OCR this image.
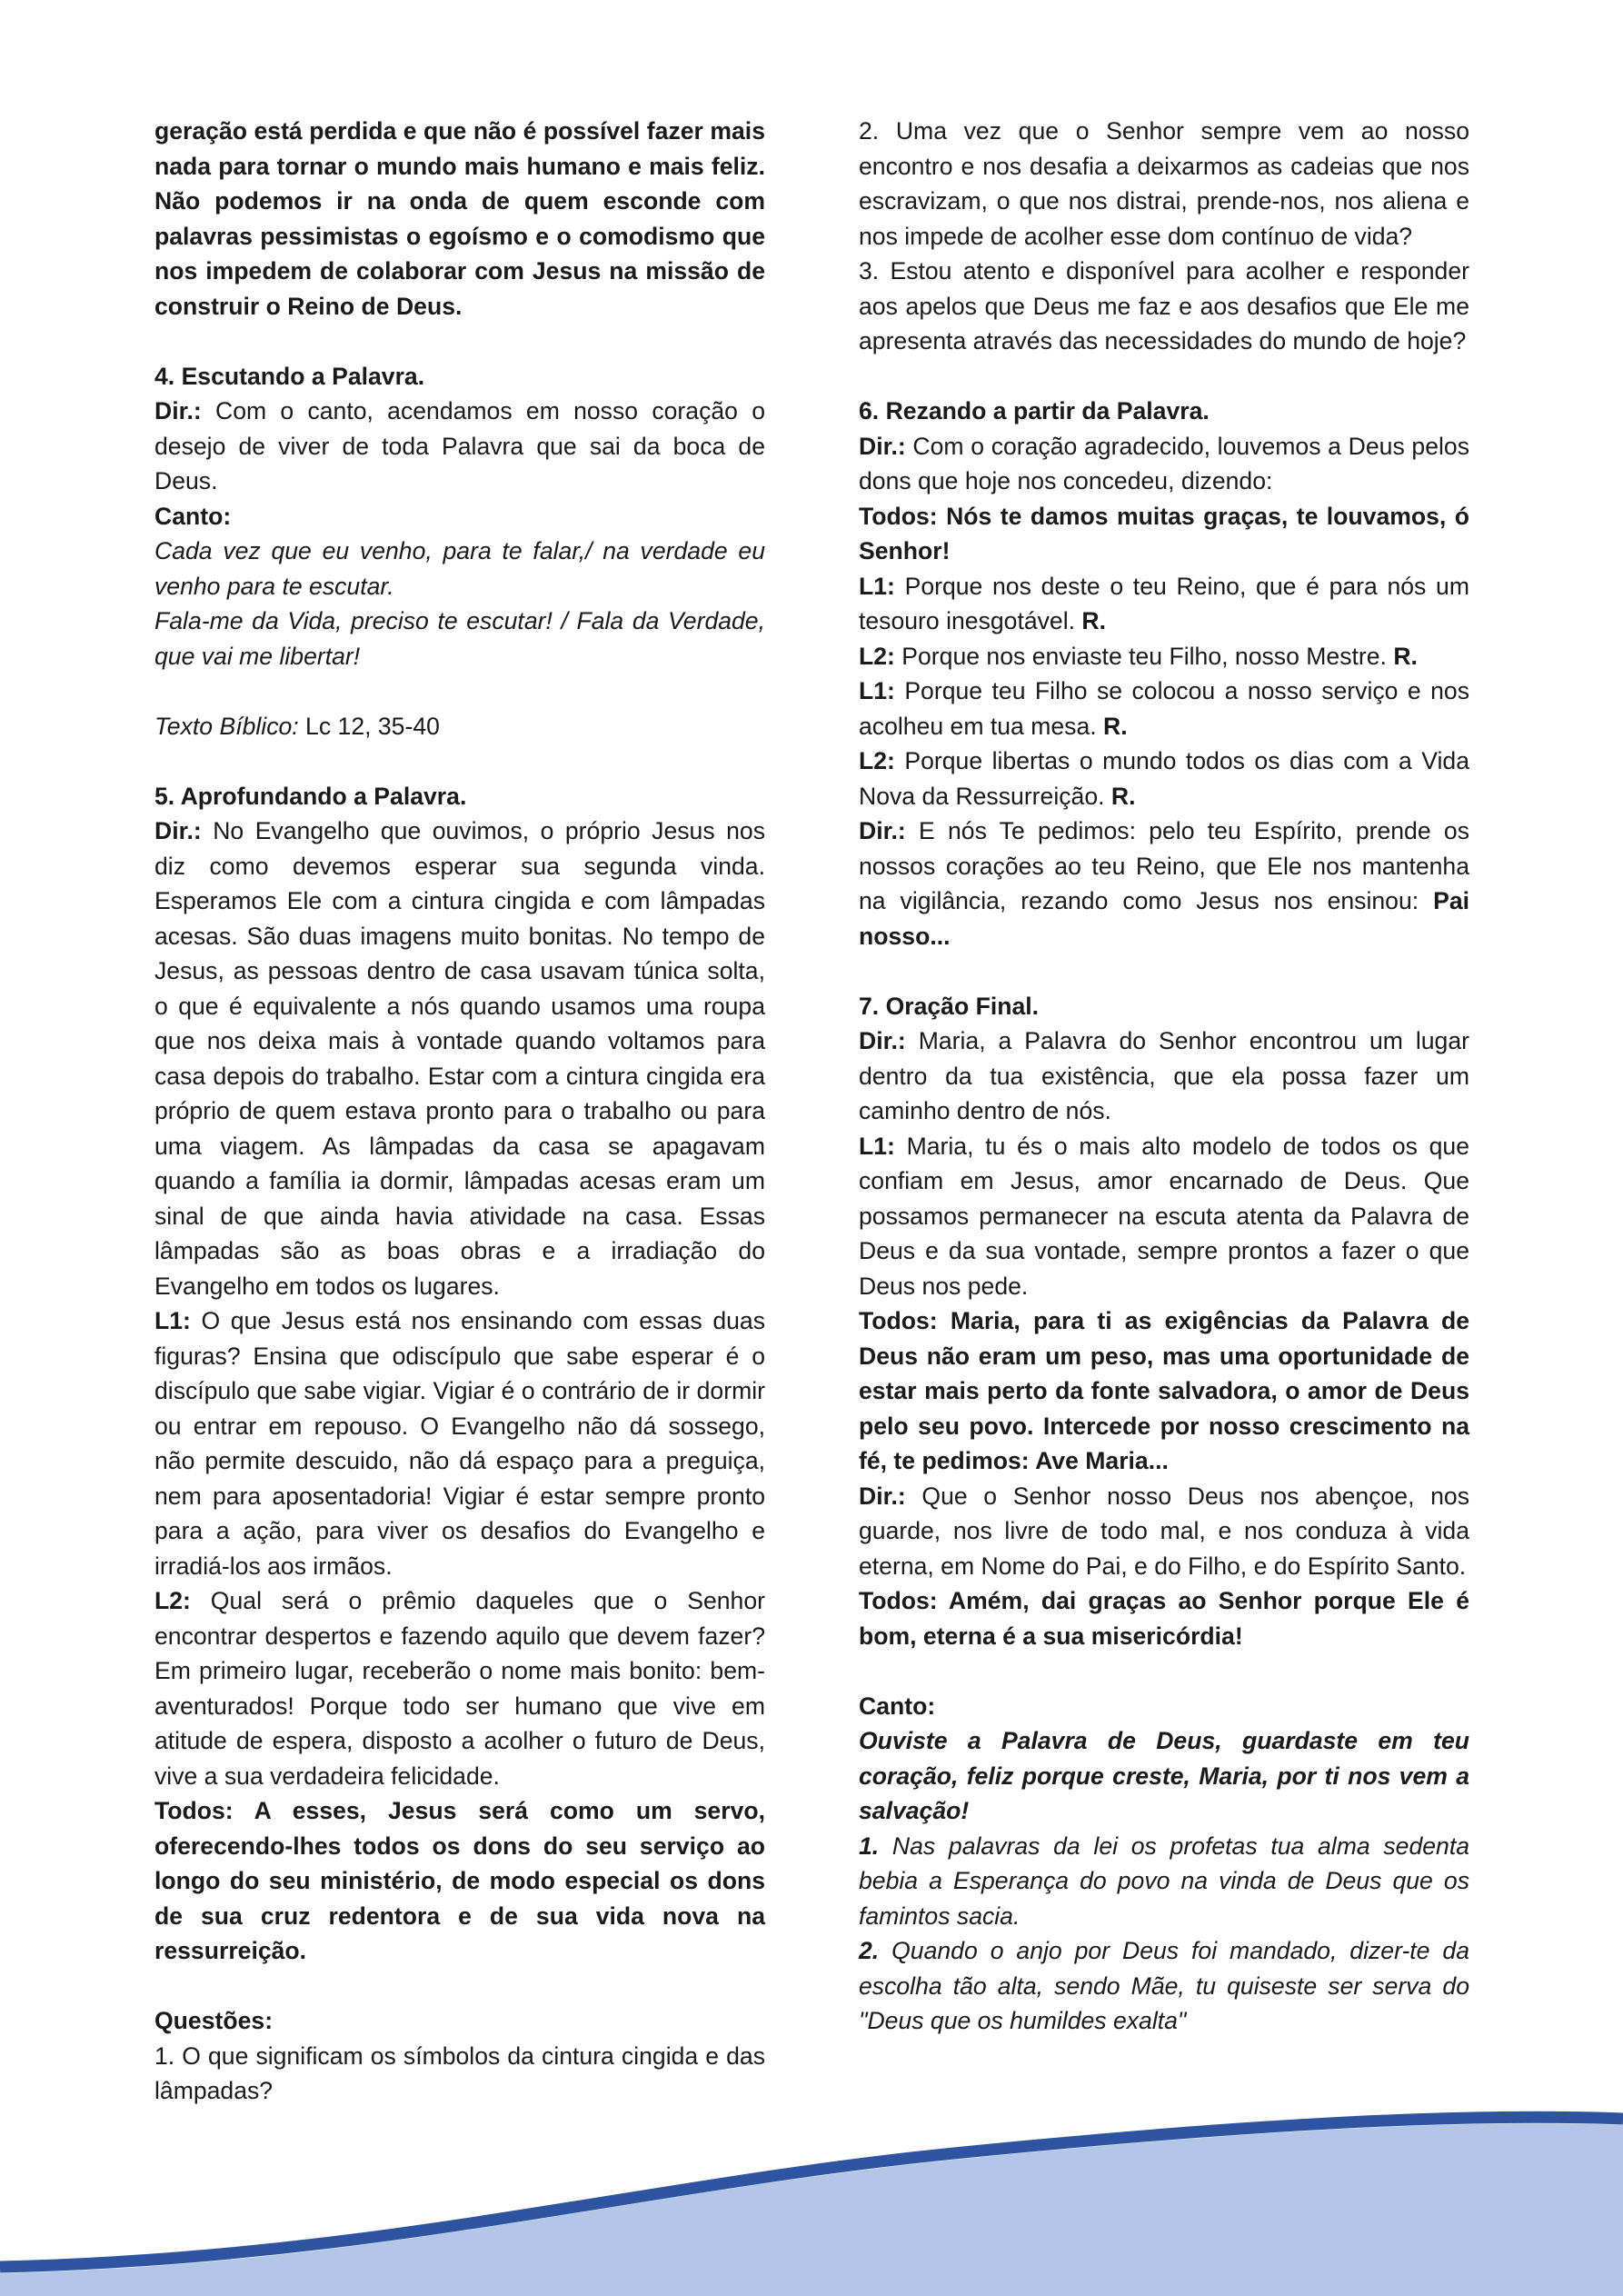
geração está perdida e que não é possível fazer mais nada para tornar o mundo mais humano e mais feliz. Não podemos ir na onda de quem esconde com palavras pessimistas o egoísmo e o comodismo que nos impedem de colaborar com Jesus na missão de construir o Reino de Deus.

4. Escutando a Palavra.

Dir.: Com o canto, acendamos em nosso coração o desejo de viver de toda Palavra que sai da boca de Deus.

Canto:

Cada vez que eu venho, para te falar,/ na verdade eu venho para te escutar.

Fala-me da Vida, preciso te escutar! / Fala da Verdade, que vai me libertar!

Texto Bíblico: Lc 12, 35-40

5. Aprofundando a Palavra.

Dir.: No Evangelho que ouvimos, o próprio Jesus nos diz como devemos esperar sua segunda vinda. Esperamos Ele com a cintura cingida e com lâmpadas acesas. São duas imagens muito bonitas. No tempo de Jesus, as pessoas dentro de casa usavam túnica solta, o que é equivalente a nós quando usamos uma roupa que nos deixa mais à vontade quando voltamos para casa depois do trabalho. Estar com a cintura cingida era próprio de quem estava pronto para o trabalho ou para uma viagem. As lâmpadas da casa se apagavam quando a família ia dormir, lâmpadas acesas eram um sinal de que ainda havia atividade na casa. Essas lâmpadas são as boas obras e a irradiação do Evangelho em todos os lugares.

L1: O que Jesus está nos ensinando com essas duas figuras? Ensina que odiscípulo que sabe esperar é o discípulo que sabe vigiar. Vigiar é o contrário de ir dormir ou entrar em repouso. O Evangelho não dá sossego, não permite descuido, não dá espaço para a preguiça, nem para aposentadoria! Vigiar é estar sempre pronto para a ação, para viver os desafios do Evangelho e irradiá-los aos irmãos.

L2: Qual será o prêmio daqueles que o Senhor encontrar despertos e fazendo aquilo que devem fazer? Em primeiro lugar, receberão o nome mais bonito: bem-aventurados! Porque todo ser humano que vive em atitude de espera, disposto a acolher o futuro de Deus, vive a sua verdadeira felicidade.

Todos: A esses, Jesus será como um servo, oferecendo-lhes todos os dons do seu serviço ao longo do seu ministério, de modo especial os dons de sua cruz redentora e de sua vida nova na ressurreição.

Questões:

1. O que significam os símbolos da cintura cingida e das lâmpadas?

2. Uma vez que o Senhor sempre vem ao nosso encontro e nos desafia a deixarmos as cadeias que nos escravizam, o que nos distrai, prende-nos, nos aliena e nos impede de acolher esse dom contínuo de vida?

3. Estou atento e disponível para acolher e responder aos apelos que Deus me faz e aos desafios que Ele me apresenta através das necessidades do mundo de hoje?

6. Rezando a partir da Palavra.

Dir.: Com o coração agradecido, louvemos a Deus pelos dons que hoje nos concedeu, dizendo:

Todos: Nós te damos muitas graças, te louvamos, ó Senhor!

L1: Porque nos deste o teu Reino, que é para nós um tesouro inesgotável. R.

L2: Porque nos enviaste teu Filho, nosso Mestre. R.

L1: Porque teu Filho se colocou a nosso serviço e nos acolheu em tua mesa. R.

L2: Porque libertas o mundo todos os dias com a Vida Nova da Ressurreição. R.

Dir.: E nós Te pedimos: pelo teu Espírito, prende os nossos corações ao teu Reino, que Ele nos mantenha na vigilância, rezando como Jesus nos ensinou: Pai nosso...

7. Oração Final.

Dir.: Maria, a Palavra do Senhor encontrou um lugar dentro da tua existência, que ela possa fazer um caminho dentro de nós.

L1: Maria, tu és o mais alto modelo de todos os que confiam em Jesus, amor encarnado de Deus. Que possamos permanecer na escuta atenta da Palavra de Deus e da sua vontade, sempre prontos a fazer o que Deus nos pede.

Todos: Maria, para ti as exigências da Palavra de Deus não eram um peso, mas uma oportunidade de estar mais perto da fonte salvadora, o amor de Deus pelo seu povo. Intercede por nosso crescimento na fé, te pedimos: Ave Maria...

Dir.: Que o Senhor nosso Deus nos abençoe, nos guarde, nos livre de todo mal, e nos conduza à vida eterna, em Nome do Pai, e do Filho, e do Espírito Santo.

Todos: Amém, dai graças ao Senhor porque Ele é bom, eterna é a sua misericórdia!

Canto:

Ouviste a Palavra de Deus, guardaste em teu coração, feliz porque creste, Maria, por ti nos vem a salvação!

1. Nas palavras da lei os profetas tua alma sedenta bebia a Esperança do povo na vinda de Deus que os famintos sacia.

2. Quando o anjo por Deus foi mandado, dizer-te da escolha tão alta, sendo Mãe, tu quiseste ser serva do "Deus que os humildes exalta"
